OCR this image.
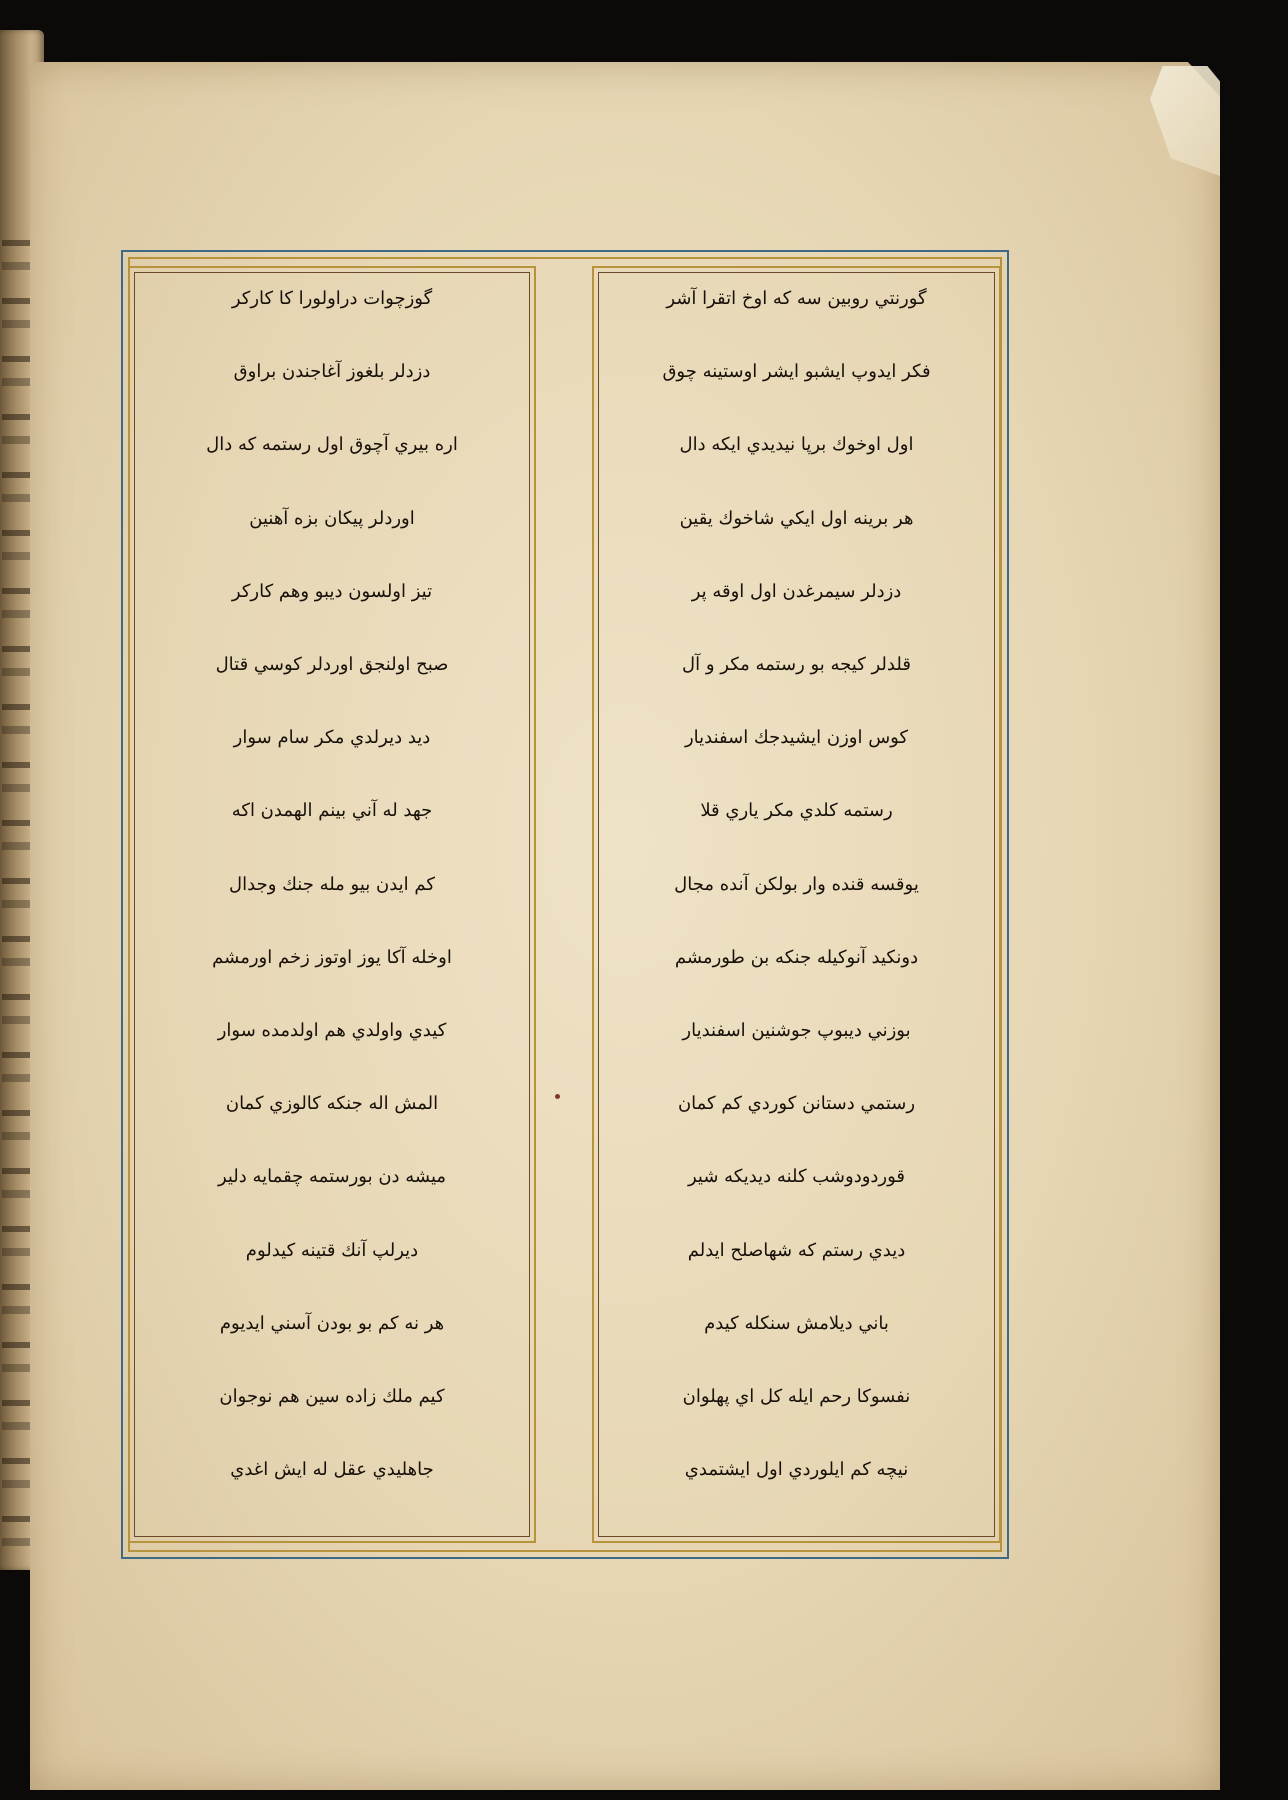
گوزچوات دراولورا كا كاركر
دزدلر بلغوز آغاجندن براوق
اره بيري آچوق اول رستمه كه دال
اوردلر پيكان بزه آهنين
تيز اولسون ديبو وهم كاركر
صبح اولنجق اوردلر كوسي قتال
ديد ديرلدي مكر سام سوار
جهد له آني بينم الهمدن اكه
كم ايدن بيو مله جنك وجدال
اوخله آكا يوز اوتوز زخم اورمشم
كيدي واولدي هم اولدمده سوار
المش اله جنكه كالوزي كمان
ميشه دن بورستمه چقمايه دلير
ديرلپ آنك قتينه كيدلوم
هر نه كم بو بودن آسني ايديوم
كيم ملك زاده سين هم نوجوان
جاهليدي عقل له ايش اغدي
گورنتي روبين سه كه اوخ اتقرا آشر
فكر ايدوپ ايشبو ايشر اوستينه چوق
اول اوخوك برپا نيديدي ايكه دال
هر برينه اول ايكي شاخوك يقين
دزدلر سيمرغدن اول اوقه پر
قلدلر كيجه بو رستمه مكر و آل
كوس اوزن ايشيدجك اسفنديار
رستمه كلدي مكر ياري قلا
يوقسه قنده وار بولكن آنده مجال
دونكيد آنوكيله جنكه بن طورمشم
بوزني ديبوپ جوشنين اسفنديار
رستمي دستانن كوردي كم كمان
قوردودوشب كلنه ديديكه شير
ديدي رستم كه شهاصلح ايدلم
باني ديلامش سنكله كيدم
نفسوكا رحم ايله كل اي پهلوان
نيچه كم ايلوردي اول ايشتمدي
